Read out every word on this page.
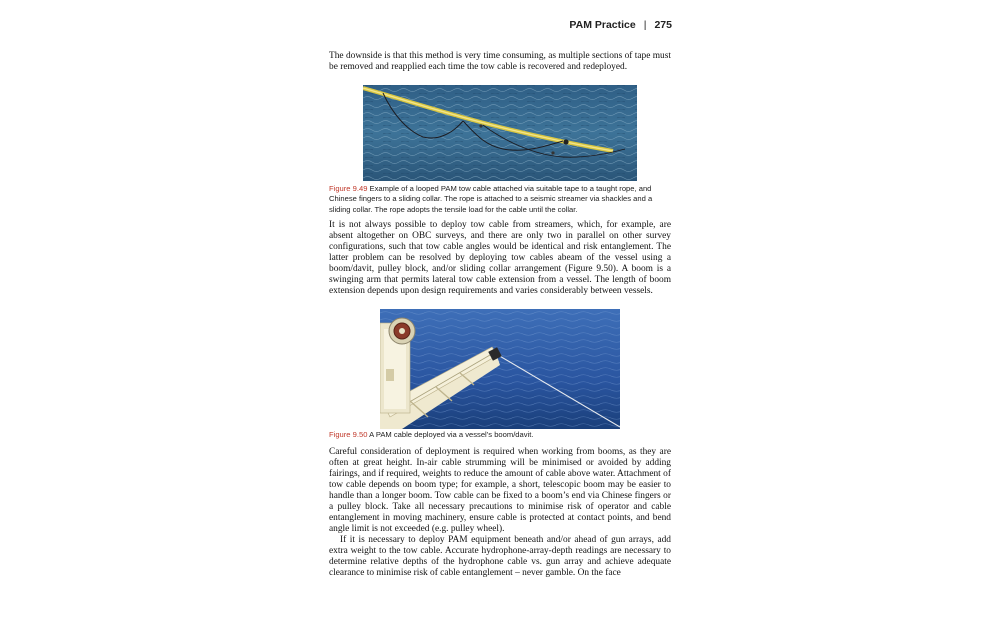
PAM Practice | 275

The downside is that this method is very time consuming, as multiple sections of tape must be removed and reapplied each time the tow cable is recovered and redeployed.

Figure 9.49 Example of a looped PAM tow cable attached via suitable tape to a taught rope, and Chinese fingers to a sliding collar. The rope is attached to a seismic streamer via shackles and a sliding collar. The rope adopts the tensile load for the cable until the collar.

It is not always possible to deploy tow cable from streamers, which, for example, are absent altogether on OBC surveys, and there are only two in parallel on other survey configurations, such that tow cable angles would be identical and risk entanglement. The latter problem can be resolved by deploying tow cables abeam of the vessel using a boom/davit, pulley block, and/or sliding collar arrangement (Figure 9.50). A boom is a swinging arm that permits lateral tow cable extension from a vessel. The length of boom extension depends upon design requirements and varies considerably between vessels.

Figure 9.50 A PAM cable deployed via a vessel’s boom/davit.

Careful consideration of deployment is required when working from booms, as they are often at great height. In-air cable strumming will be minimised or avoided by adding fairings, and if required, weights to reduce the amount of cable above water. Attachment of tow cable depends on boom type; for example, a short, telescopic boom may be easier to handle than a longer boom. Tow cable can be fixed to a boom’s end via Chinese fingers or a pulley block. Take all necessary precautions to minimise risk of operator and cable entanglement in moving machinery, ensure cable is protected at contact points, and bend angle limit is not exceeded (e.g. pulley wheel).

If it is necessary to deploy PAM equipment beneath and/or ahead of gun arrays, add extra weight to the tow cable. Accurate hydrophone-array-depth readings are necessary to determine relative depths of the hydrophone cable vs. gun array and achieve adequate clearance to minimise risk of cable entanglement – never gamble. On the face
